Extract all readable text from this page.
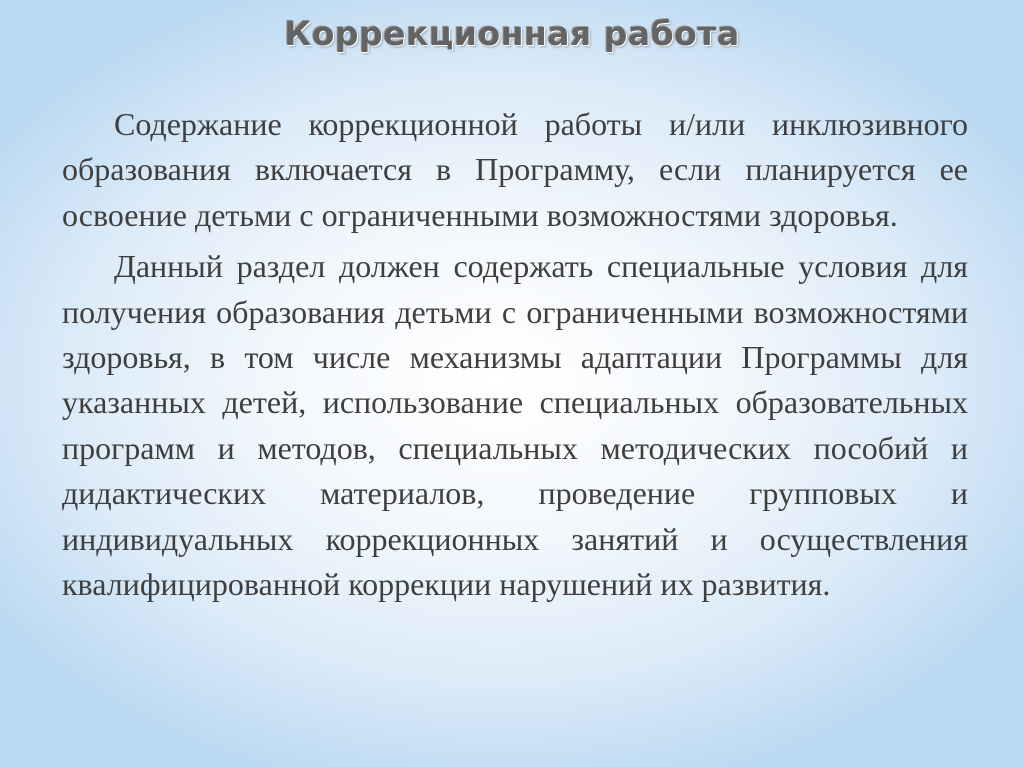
Коррекционная работа

Содержание коррекционной работы и/или инклюзивного образования включается в Программу, если планируется ее освоение детьми с ограниченными возможностями здоровья.

Данный раздел должен содержать специальные условия для получения образования детьми с ограниченными возможностями здоровья, в том числе механизмы адаптации Программы для указанных детей, использование специальных образовательных программ и методов, специальных методических пособий и дидактических материалов, проведение групповых и индивидуальных коррекционных занятий и осуществления квалифицированной коррекции нарушений их развития.
